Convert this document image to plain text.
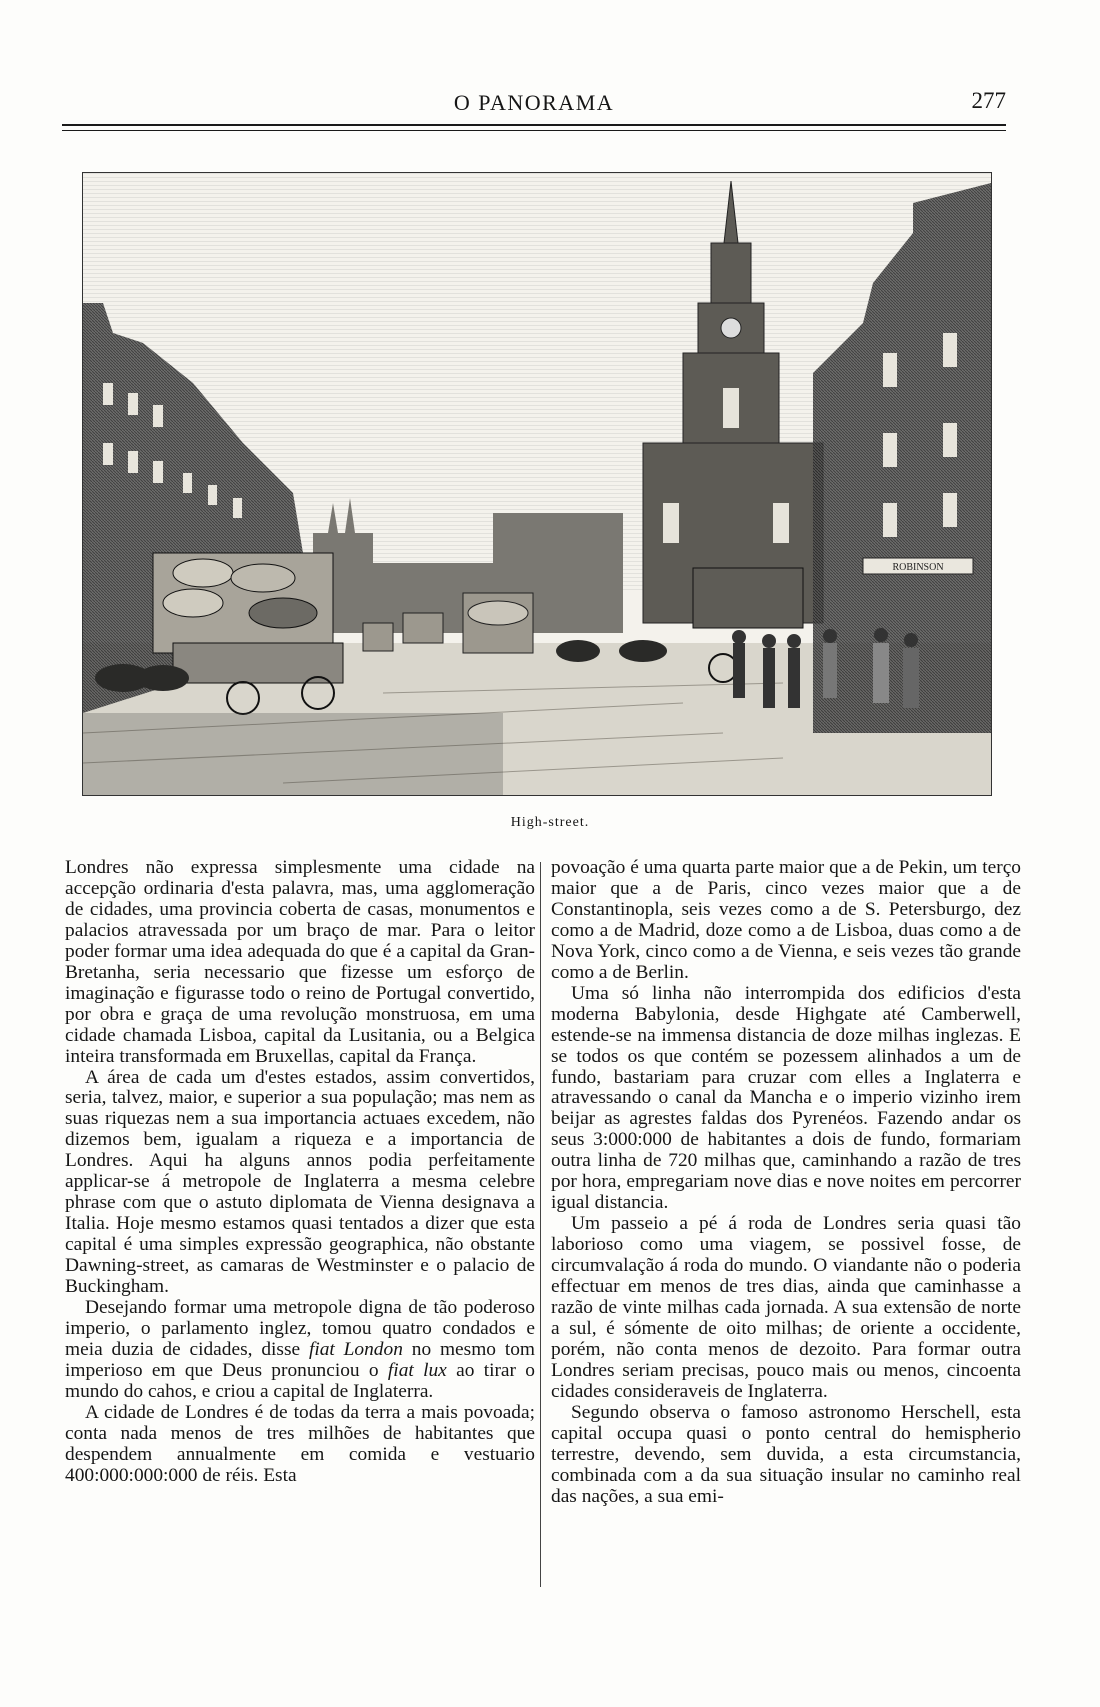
O PANORAMA	277
ROBINSON
High-street.

Londres não expressa simplesmente uma cidade na accepção ordinaria d'esta palavra, mas, uma agglomeração de cidades, uma provincia coberta de casas, monumentos e palacios atravessada por um braço de mar. Para o leitor poder formar uma idea adequada do que é a capital da Gran-Bretanha, seria necessario que fizesse um esforço de imaginação e figurasse todo o reino de Portugal convertido, por obra e graça de uma revolução monstruosa, em uma cidade chamada Lisboa, capital da Lusitania, ou a Belgica inteira transformada em Bruxellas, capital da França.

A área de cada um d'estes estados, assim convertidos, seria, talvez, maior, e superior a sua população; mas nem as suas riquezas nem a sua importancia actuaes excedem, não dizemos bem, igualam a riqueza e a importancia de Londres. Aqui ha alguns annos podia perfeitamente applicar-se á metropole de Inglaterra a mesma celebre phrase com que o astuto diplomata de Vienna designava a Italia. Hoje mesmo estamos quasi tentados a dizer que esta capital é uma simples expressão geographica, não obstante Dawning-street, as camaras de Westminster e o palacio de Buckingham.

Desejando formar uma metropole digna de tão poderoso imperio, o parlamento inglez, tomou quatro condados e meia duzia de cidades, disse fiat London no mesmo tom imperioso em que Deus pronunciou o fiat lux ao tirar o mundo do cahos, e criou a capital de Inglaterra.

A cidade de Londres é de todas da terra a mais povoada; conta nada menos de tres milhões de habitantes que despendem annualmente em comida e vestuario 400:000:000:000 de réis. Esta

povoação é uma quarta parte maior que a de Pekin, um terço maior que a de Paris, cinco vezes maior que a de Constantinopla, seis vezes como a de S. Petersburgo, dez como a de Madrid, doze como a de Lisboa, duas como a de Nova York, cinco como a de Vienna, e seis vezes tão grande como a de Berlin.

Uma só linha não interrompida dos edificios d'esta moderna Babylonia, desde Highgate até Camberwell, estende-se na immensa distancia de doze milhas inglezas. E se todos os que contém se pozessem alinhados a um de fundo, bastariam para cruzar com elles a Inglaterra e atravessando o canal da Mancha e o imperio vizinho irem beijar as agrestes faldas dos Pyrenéos. Fazendo andar os seus 3:000:000 de habitantes a dois de fundo, formariam outra linha de 720 milhas que, caminhando a razão de tres por hora, empregariam nove dias e nove noites em percorrer igual distancia.

Um passeio a pé á roda de Londres seria quasi tão laborioso como uma viagem, se possivel fosse, de circumvalação á roda do mundo. O viandante não o poderia effectuar em menos de tres dias, ainda que caminhasse a razão de vinte milhas cada jornada. A sua extensão de norte a sul, é sómente de oito milhas; de oriente a occidente, porém, não conta menos de dezoito. Para formar outra Londres seriam precisas, pouco mais ou menos, cincoenta cidades consideraveis de Inglaterra.

Segundo observa o famoso astronomo Herschell, esta capital occupa quasi o ponto central do hemispherio terrestre, devendo, sem duvida, a esta circumstancia, combinada com a da sua situação insular no caminho real das nações, a sua emi-
